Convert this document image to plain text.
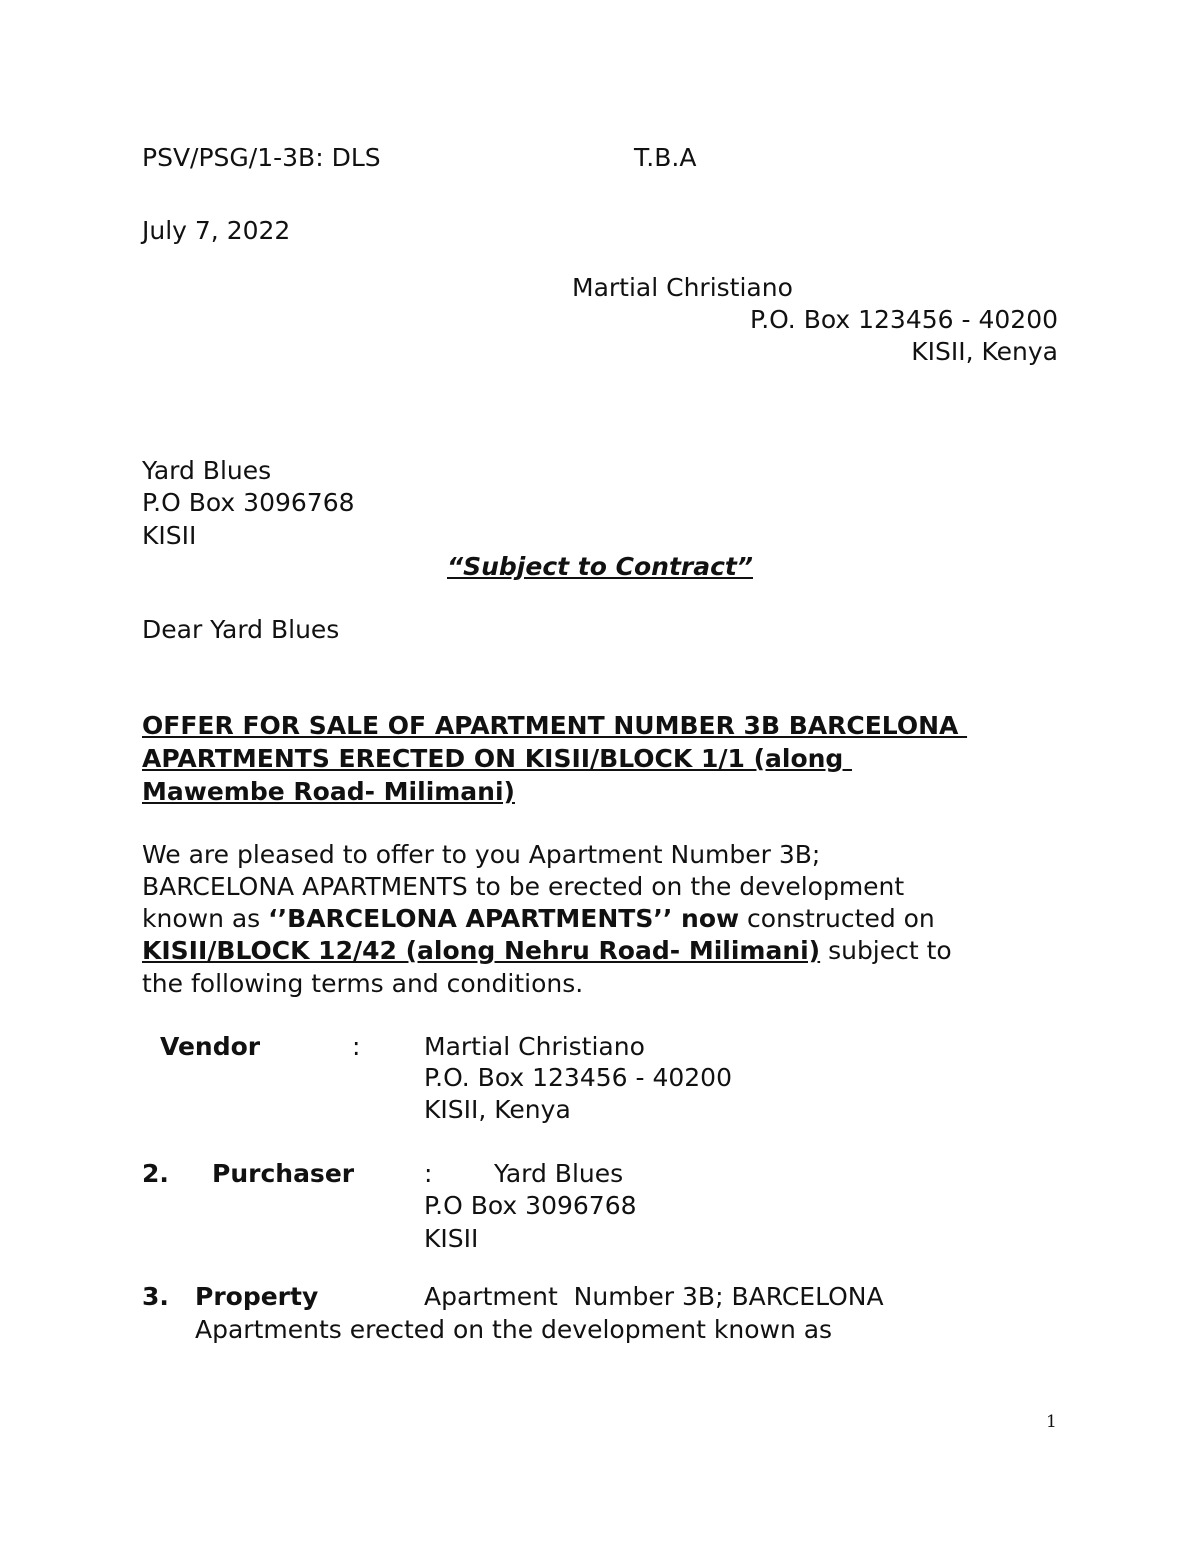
PSV/PSG/1-3B: DLS	T.B.A
July 7, 2022
Martial Christiano
P.O. Box 123456 - 40200
KISII, Kenya
Yard Blues
P.O Box 3096768
KISII
“Subject to Contract”
Dear Yard Blues
OFFER FOR SALE OF APARTMENT NUMBER 3B BARCELONA
APARTMENTS ERECTED ON KISII/BLOCK 1/1 (along
Mawembe Road- Milimani)
We are pleased to offer to you Apartment Number 3B;
BARCELONA APARTMENTS to be erected on the development
known as ‘’BARCELONA APARTMENTS’’ now constructed on
KISII/BLOCK 12/42 (along Nehru Road- Milimani) subject to
the following terms and conditions.
Vendor	:	Martial Christiano
P.O. Box 123456 - 40200
KISII, Kenya
2. Purchaser	: Yard Blues
P.O Box 3096768
KISII
3. Property	Apartment  Number 3B; BARCELONA
Apartments erected on the development known as
1
